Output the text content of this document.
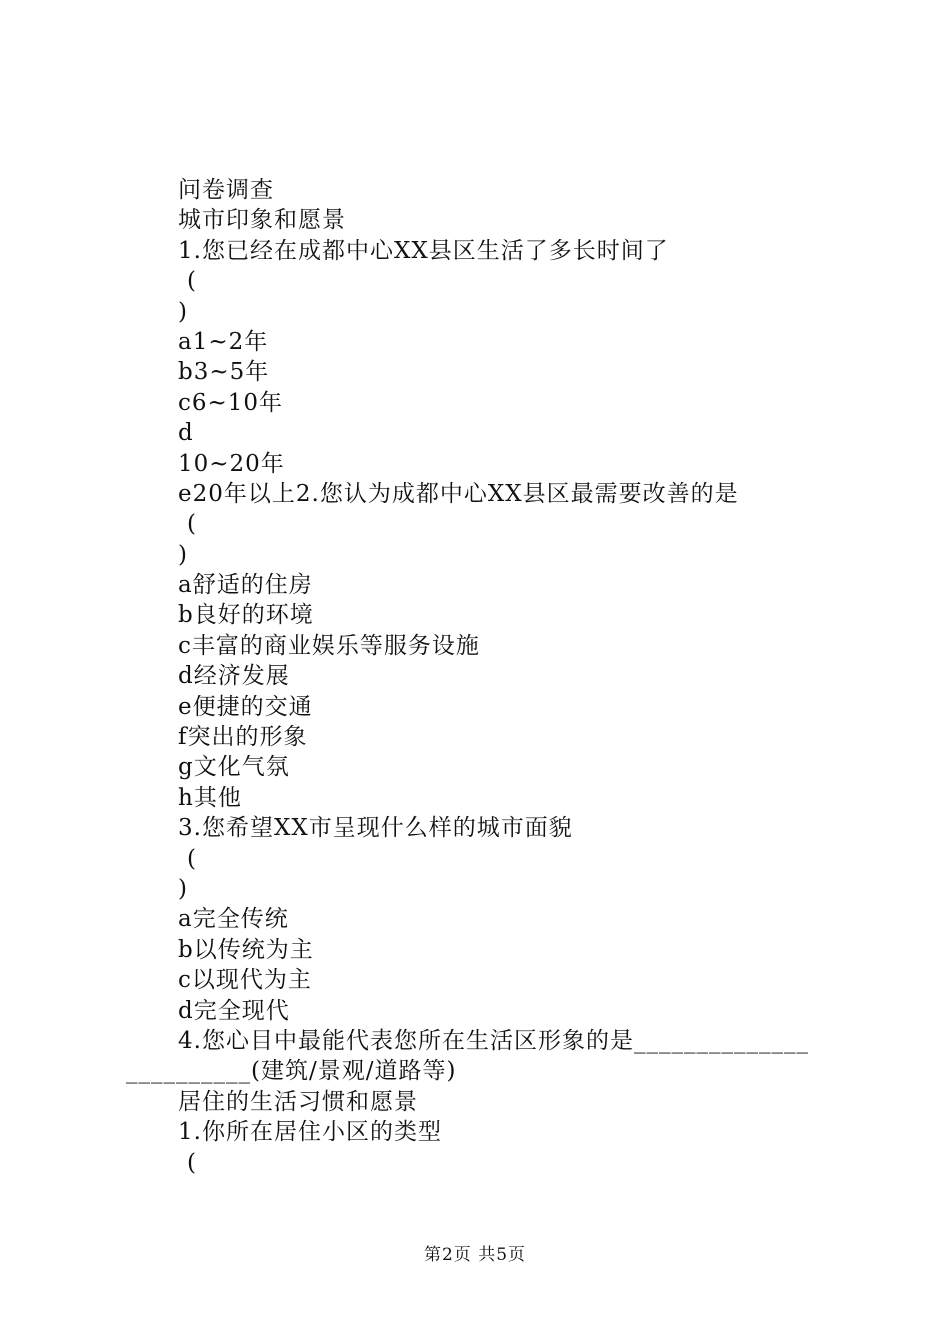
问卷调查
城市印象和愿景
1.您已经在成都中心XX县区生活了多长时间了
(
)
a1~2年
b3~5年
c6~10年
d
10~20年
e20年以上2.您认为成都中心XX县区最需要改善的是
(
)
a舒适的住房
b良好的环境
c丰富的商业娱乐等服务设施
d经济发展
e便捷的交通
f突出的形象
g文化气氛
h其他
3.您希望XX市呈现什么样的城市面貌
(
)
a完全传统
b以传统为主
c以现代为主
d完全现代
4.您心目中最能代表您所在生活区形象的是______________
__________(建筑/景观/道路等)
居住的生活习惯和愿景
1.你所在居住小区的类型
(
第2页 共5页
